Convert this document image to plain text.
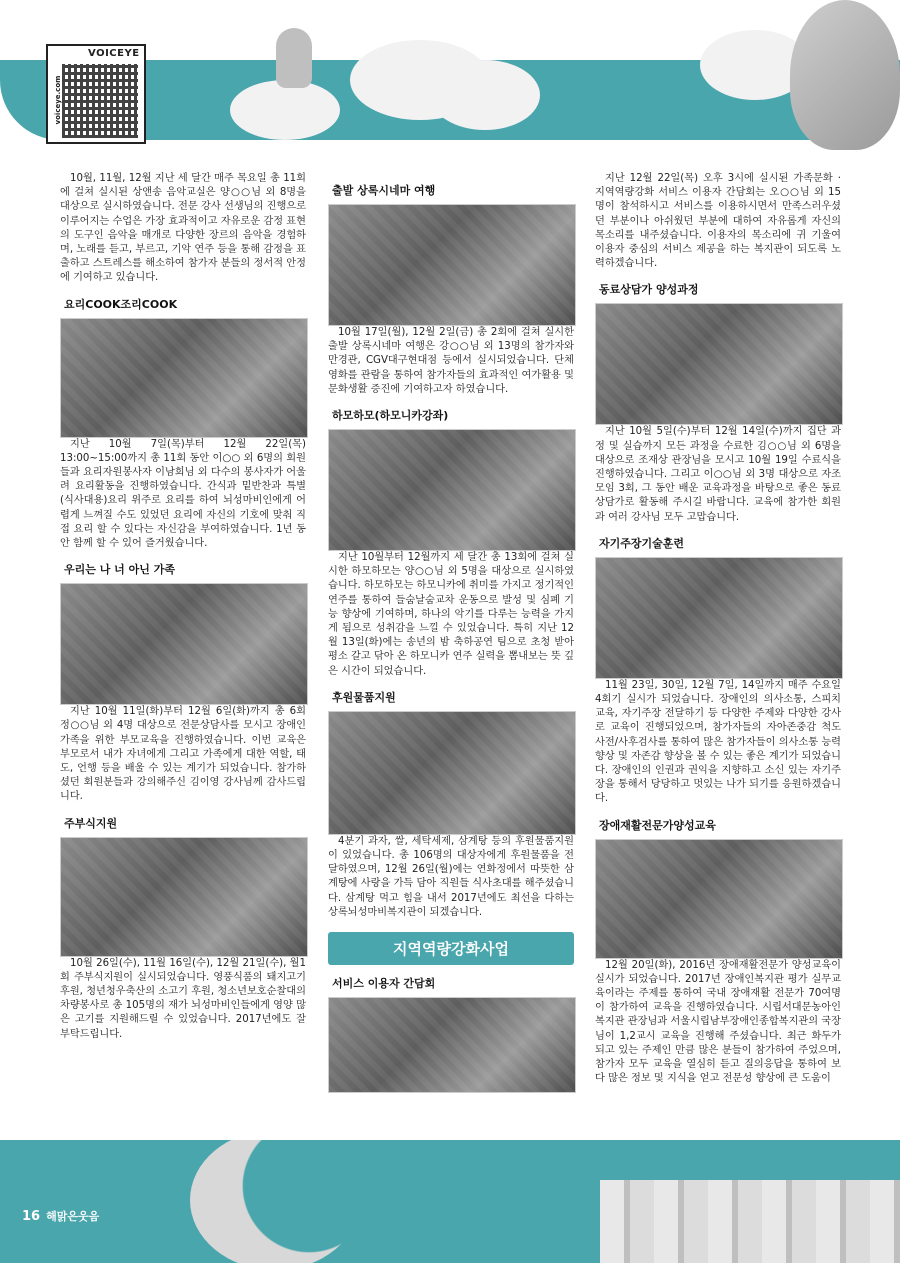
VOICEYE
voiceye.com

10월, 11월, 12월 지난 세 달간 매주 목요일 총 11회에 걸쳐 실시된 상앤송 음악교실은 양○○님 외 8명을 대상으로 실시하였습니다. 전문 강사 선생님의 진행으로 이루어지는 수업은 가장 효과적이고 자유로운 감정 표현의 도구인 음악을 매개로 다양한 장르의 음악을 경험하며, 노래를 듣고, 부르고, 기악 연주 등을 통해 감정을 표출하고 스트레스를 해소하여 참가자 분들의 정서적 안정에 기여하고 있습니다.

요리COOK조리COOK

지난 10월 7일(목)부터 12월 22일(목) 13:00~15:00까지 총 11회 동안 이○○ 외 6명의 회원들과 요리자원봉사자 이남희님 외 다수의 봉사자가 어울려 요리활동을 진행하였습니다. 간식과 밑반찬과 특별(식사대용)요리 위주로 요리를 하여 뇌성마비인에게 어렵게 느껴질 수도 있었던 요리에 자신의 기호에 맞춰 직접 요리 할 수 있다는 자신감을 부여하였습니다. 1년 동안 함께 할 수 있어 즐거웠습니다.

우리는 나 너 아닌 가족

지난 10월 11일(화)부터 12월 6일(화)까지 총 6회 정○○님 외 4명 대상으로 전문상담사를 모시고 장애인 가족을 위한 부모교육을 진행하였습니다. 이번 교육은 부모로서 내가 자녀에게 그리고 가족에게 대한 역할, 태도, 언행 등을 배울 수 있는 계기가 되었습니다. 참가하셨던 회원분들과 강의해주신 김이영 강사님께 감사드립니다.

주부식지원

10월 26일(수), 11월 16일(수), 12월 21일(수), 월1회 주부식지원이 실시되었습니다. 영풍식품의 돼지고기 후원, 청년청우축산의 소고기 후원, 청소년보호순찰대의 차량봉사로 총 105명의 재가 뇌성마비인들에게 영양 많은 고기를 지원해드릴 수 있었습니다. 2017년에도 잘 부탁드립니다.

출발 상록시네마 여행

10월 17일(월), 12월 2일(금) 총 2회에 걸쳐 실시한 출발 상록시네마 여행은 강○○님 외 13명의 참가자와 만경관, CGV대구현대점 등에서 실시되었습니다. 단체 영화를 관람을 통하여 참가자들의 효과적인 여가활용 및 문화생활 증진에 기여하고자 하였습니다.

하모하모(하모니카강좌)

지난 10월부터 12월까지 세 달간 총 13회에 걸쳐 실시한 하모하모는 양○○님 외 5명을 대상으로 실시하였습니다. 하모하모는 하모니카에 취미를 가지고 정기적인 연주를 통하여 들숨날숨교차 운동으로 발성 및 심폐 기능 향상에 기여하며, 하나의 악기를 다루는 능력을 가지게 됨으로 성취감을 느낄 수 있었습니다. 특히 지난 12월 13일(화)에는 송년의 밤 축하공연 팀으로 초청 받아 평소 갈고 닦아 온 하모니카 연주 실력을 뽐내보는 뜻 깊은 시간이 되었습니다.

후원물품지원

4분기 과자, 쌀, 세탁세제, 삼계탕 등의 후원물품지원이 있었습니다. 총 106명의 대상자에게 후원물품을 전달하였으며, 12월 26일(월)에는 연화정에서 따뜻한 삼계탕에 사랑을 가득 담아 직원들 식사초대를 해주셨습니다. 삼계탕 먹고 힘을 내서 2017년에도 최선을 다하는 상록뇌성마비복지관이 되겠습니다.

지역역량강화사업
서비스 이용자 간담회

지난 12월 22일(목) 오후 3시에 실시된 가족문화 · 지역역량강화 서비스 이용자 간담회는 오○○님 외 15명이 참석하시고 서비스를 이용하시면서 만족스러우셨던 부분이나 아쉬웠던 부분에 대하여 자유롭게 자신의 목소리를 내주셨습니다. 이용자의 목소리에 귀 기울여 이용자 중심의 서비스 제공을 하는 복지관이 되도록 노력하겠습니다.

동료상담가 양성과정

지난 10월 5일(수)부터 12월 14일(수)까지 집단 과정 및 실습까지 모든 과정을 수료한 김○○님 외 6명을 대상으로 조재상 관장님을 모시고 10월 19일 수료식을 진행하였습니다. 그리고 이○○님 외 3명 대상으로 자조모임 3회, 그 동안 배운 교육과정을 바탕으로 좋은 동료 상담가로 활동해 주시길 바랍니다. 교육에 참가한 회원과 여러 강사님 모두 고맙습니다.

자기주장기술훈련

11월 23일, 30일, 12월 7일, 14일까지 매주 수요일 4회기 실시가 되었습니다. 장애인의 의사소통, 스피치 교육, 자기주장 전달하기 등 다양한 주제와 다양한 강사로 교육이 진행되었으며, 참가자들의 자아존중감 척도 사전/사후검사를 통하여 많은 참가자들이 의사소통 능력 향상 및 자존감 향상을 볼 수 있는 좋은 계기가 되었습니다. 장애인의 인권과 권익을 지향하고 소신 있는 자기주장을 통해서 당당하고 멋있는 나가 되기를 응원하겠습니다.

장애재활전문가양성교육

12월 20일(화), 2016년 장애재활전문가 양성교육이 실시가 되었습니다. 2017년 장애인복지관 평가 실무교육이라는 주제를 통하여 국내 장애재활 전문가 70여명이 참가하여 교육을 진행하였습니다. 시립서대문농아인복지관 관장님과 서울시립남부장애인종합복지관의 국장님이 1,2교시 교육을 진행해 주셨습니다. 최근 화두가 되고 있는 주제인 만큼 많은 분들이 참가하여 주었으며, 참가자 모두 교육을 열심히 듣고 질의응답을 통하여 보다 많은 정보 및 지식을 얻고 전문성 향상에 큰 도움이

16 해맑은웃음
